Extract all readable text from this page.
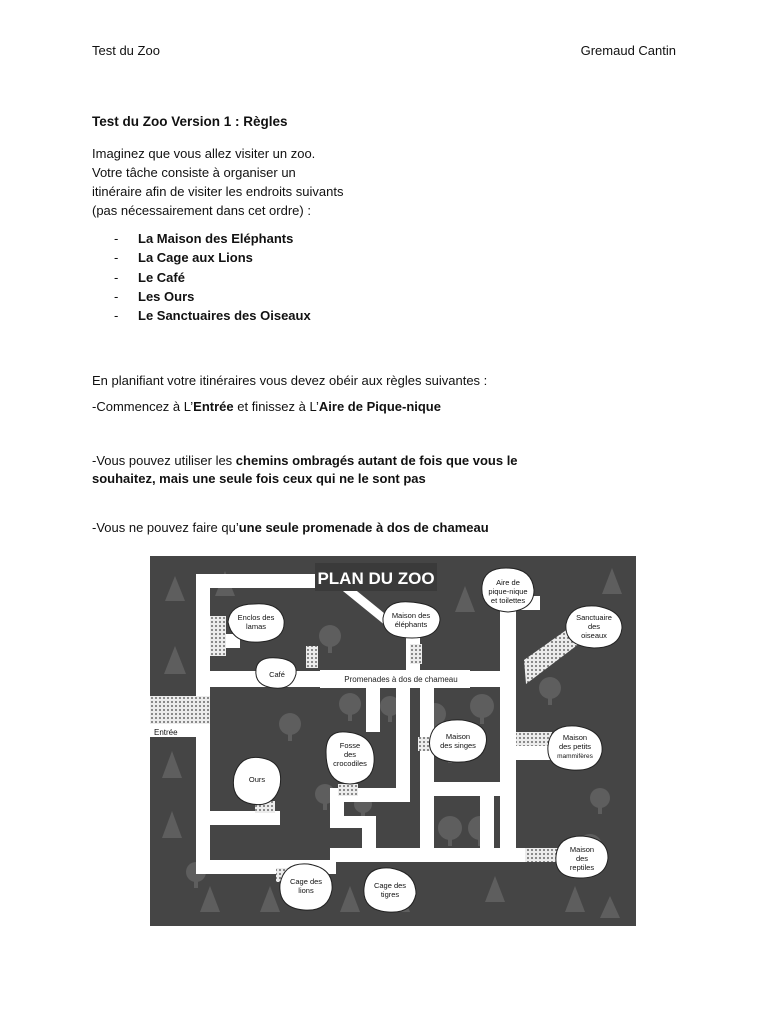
Test du Zoo	Gremaud Cantin
Test du Zoo Version 1 : Règles
Imaginez que vous allez visiter un zoo.
Votre tâche consiste à organiser un
itinéraire afin de visiter les endroits suivants
(pas nécessairement dans cet ordre) :
- La Maison des Eléphants
- La Cage aux Lions
- Le Café
- Les Ours
- Le Sanctuaires des Oiseaux
En planifiant votre itinéraires vous devez obéir aux règles suivantes :
-Commencez à L’Entrée et finissez à L’Aire de Pique-nique
-Vous pouvez utiliser les chemins ombragés autant de fois que vous le
souhaitez, mais une seule fois ceux qui ne le sont pas
-Vous ne pouvez faire qu’une seule promenade à dos de chameau
PLAN DU ZOO
Promenades à dos de chameau
Entrée
Enclos des
lamas
Café
Maison des
éléphants
Aire de
pique-nique
et toilettes
Sanctuaire
des
oiseaux
Maison
des singes
Fosse
des
crocodiles
Ours
Maison
des petits
mammifères
Maison
des
reptiles
Cage des
lions
Cage des
tigres
